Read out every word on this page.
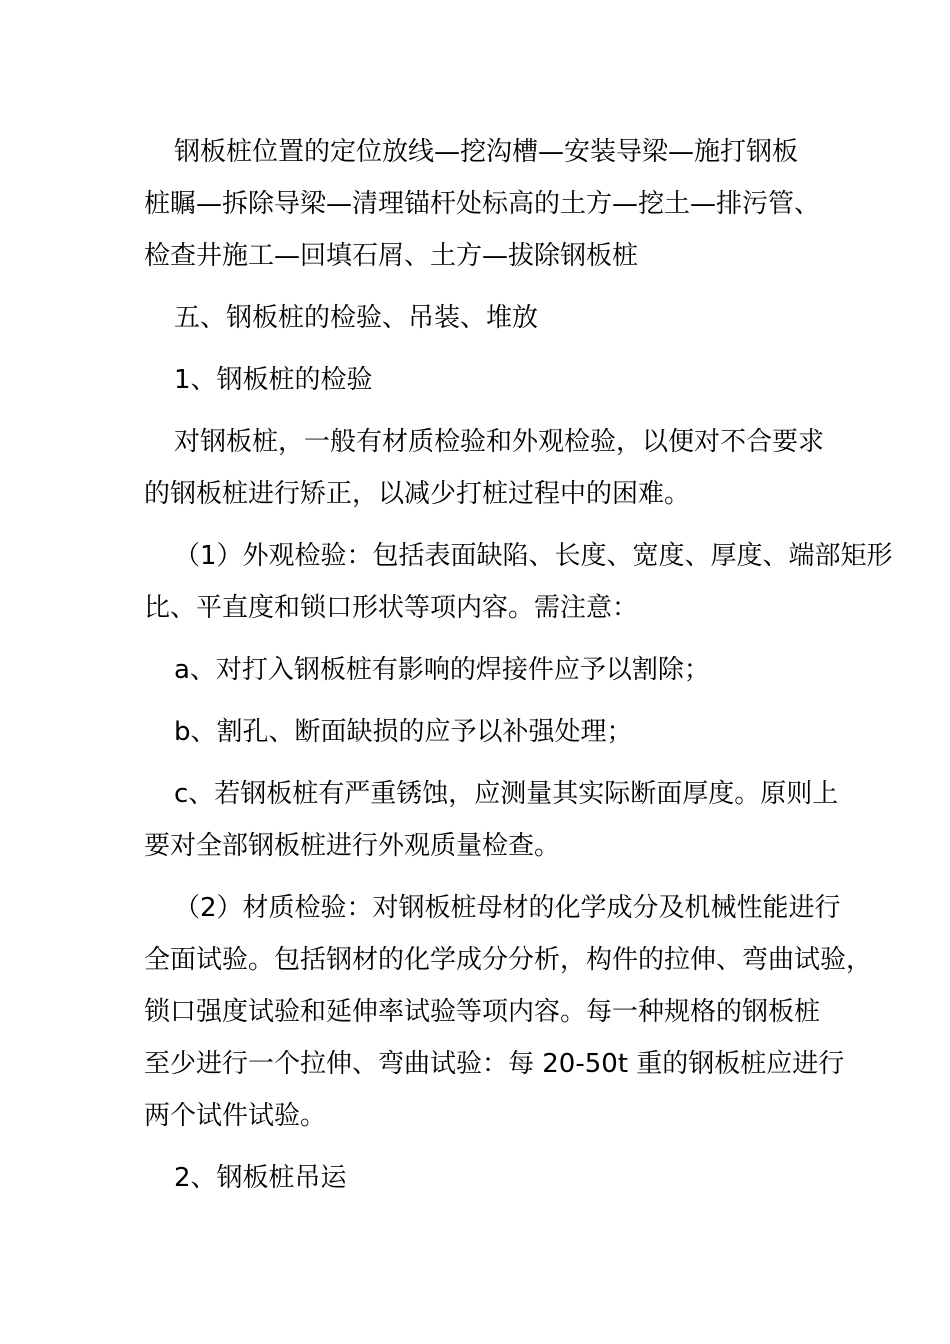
钢板桩位置的定位放线—挖沟槽—安装导梁—施打钢板
桩瞩—拆除导梁—清理锚杆处标高的土方—挖土—排污管、
检查井施工—回填石屑、土方—拔除钢板桩

五、钢板桩的检验、吊装、堆放

1、钢板桩的检验

对钢板桩，一般有材质检验和外观检验，以便对不合要求
的钢板桩进行矫正，以减少打桩过程中的困难。

（1）外观检验：包括表面缺陷、长度、宽度、厚度、端部矩形
比、平直度和锁口形状等项内容。需注意：

a、对打入钢板桩有影响的焊接件应予以割除；

b、割孔、断面缺损的应予以补强处理；

c、若钢板桩有严重锈蚀，应测量其实际断面厚度。原则上
要对全部钢板桩进行外观质量检查。

（2）材质检验：对钢板桩母材的化学成分及机械性能进行
全面试验。包括钢材的化学成分分析，构件的拉伸、弯曲试验，
锁口强度试验和延伸率试验等项内容。每一种规格的钢板桩
至少进行一个拉伸、弯曲试验：每 20-50t 重的钢板桩应进行
两个试件试验。

2、钢板桩吊运
